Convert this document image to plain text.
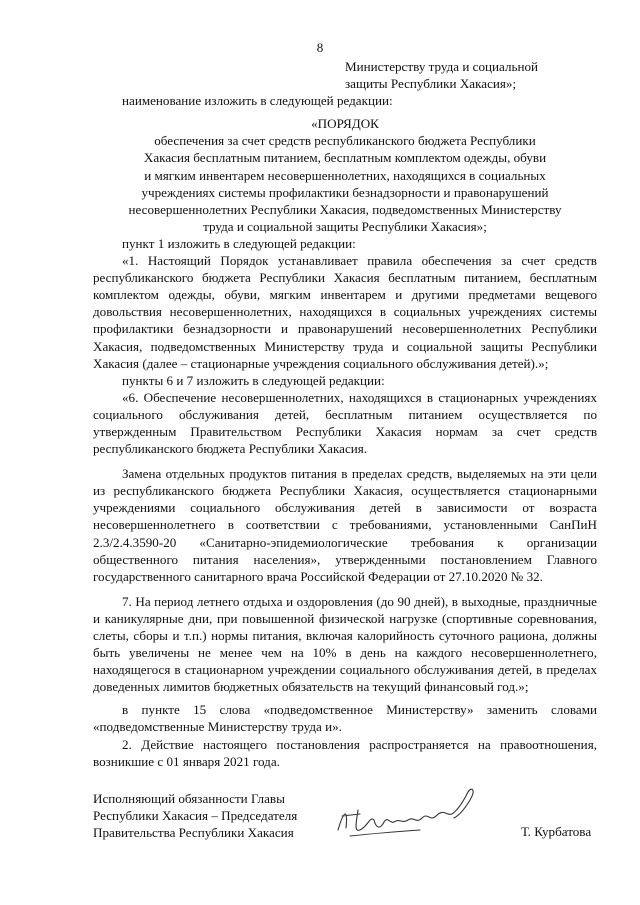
8

Министерству труда и социальной

защиты Республики Хакасия»;

наименование изложить в следующей редакции:

«ПОРЯДОК

обеспечения за счет средств республиканского бюджета Республики

Хакасия бесплатным питанием, бесплатным комплектом одежды, обуви

и мягким инвентарем несовершеннолетних, находящихся в социальных

учреждениях системы профилактики безнадзорности и правонарушений

несовершеннолетних Республики Хакасия, подведомственных Министерству

труда и социальной защиты Республики Хакасия»;

пункт 1 изложить в следующей редакции:

«1. Настоящий Порядок устанавливает правила обеспечения за счет средств республиканского бюджета Республики Хакасия бесплатным питанием, бесплатным комплектом одежды, обуви, мягким инвентарем и другими предметами вещевого довольствия несовершеннолетних, находящихся в социальных учреждениях системы профилактики безнадзорности и правонарушений несовершеннолетних Республики Хакасия, подведомственных Министерству труда и социальной защиты Республики Хакасия (далее – стационарные учреждения социального обслуживания детей).»;

пункты 6 и 7 изложить в следующей редакции:

«6. Обеспечение несовершеннолетних, находящихся в стационарных учреждениях социального обслуживания детей, бесплатным питанием осуществляется по утвержденным Правительством Республики Хакасия нормам за счет средств республиканского бюджета Республики Хакасия.

Замена отдельных продуктов питания в пределах средств, выделяемых на эти цели из республиканского бюджета Республики Хакасия, осуществляется стационарными учреждениями социального обслуживания детей в зависимости от возраста несовершеннолетнего в соответствии с требованиями, установленными СанПиН 2.3/2.4.3590-20 «Санитарно-эпидемиологические требования к организации общественного питания населения», утвержденными постановлением Главного государственного санитарного врача Российской Федерации от 27.10.2020 № 32.

7. На период летнего отдыха и оздоровления (до 90 дней), в выходные, праздничные и каникулярные дни, при повышенной физической нагрузке (спортивные соревнования, слеты, сборы и т.п.) нормы питания, включая калорийность суточного рациона, должны быть увеличены не менее чем на 10% в день на каждого несовершеннолетнего, находящегося в стационарном учреждении социального обслуживания детей, в пределах доведенных лимитов бюджетных обязательств на текущий финансовый год.»;

в пункте 15 слова «подведомственное Министерству» заменить словами «подведомственные Министерству труда и».

2. Действие настоящего постановления распространяется на правоотношения, возникшие с 01 января 2021 года.

Исполняющий обязанности Главы

Республики Хакасия – Председателя

Правительства Республики Хакасия	Т. Курбатова
